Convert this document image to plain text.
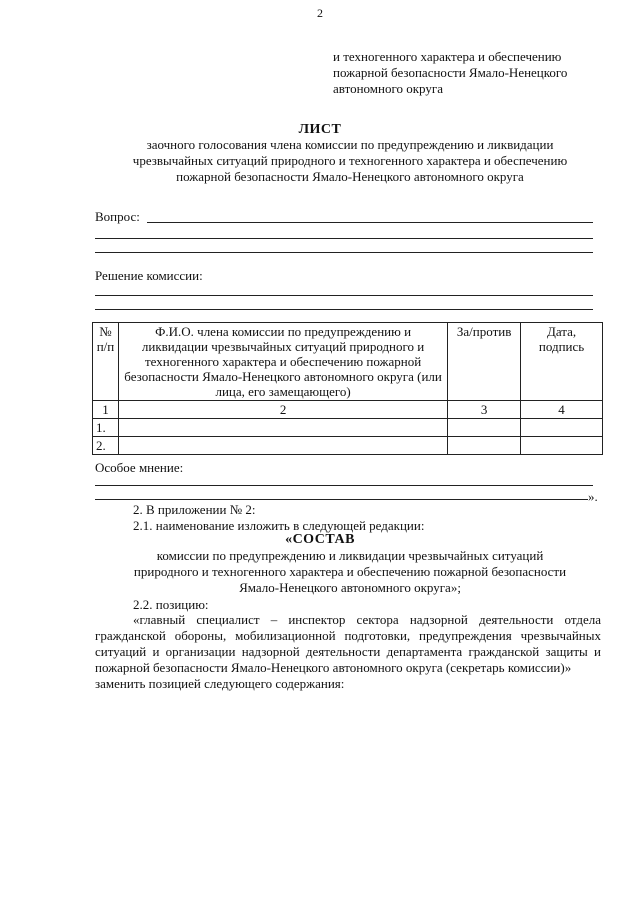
2
и техногенного характера и обеспечению
пожарной безопасности Ямало-Ненецкого
автономного округа
ЛИСТ
заочного голосования члена комиссии по предупреждению и ликвидации
чрезвычайных ситуаций природного и техногенного характера и обеспечению
пожарной безопасности Ямало-Ненецкого автономного округа
Вопрос:
Решение комиссии:
№ п/п	Ф.И.О. члена комиссии по предупреждению и ликвидации чрезвычайных ситуаций природного и техногенного характера и обеспечению пожарной безопасности Ямало-Ненецкого автономного округа (или лица, его замещающего)	За/против	Дата, подпись
1	2	3	4
1.			
2.			
Особое мнение:
».
2. В приложении № 2:
2.1. наименование изложить в следующей редакции:
«СОСТАВ
комиссии по предупреждению и ликвидации чрезвычайных ситуаций
природного и техногенного характера и обеспечению пожарной безопасности
Ямало-Ненецкого автономного округа»;
2.2. позицию:
«главный специалист – инспектор сектора надзорной деятельности отдела гражданской обороны, мобилизационной подготовки, предупреждения чрезвычайных ситуаций и организации надзорной деятельности департамента гражданской защиты и пожарной безопасности Ямало-Ненецкого автономного округа (секретарь комиссии)»
заменить позицией следующего содержания:
